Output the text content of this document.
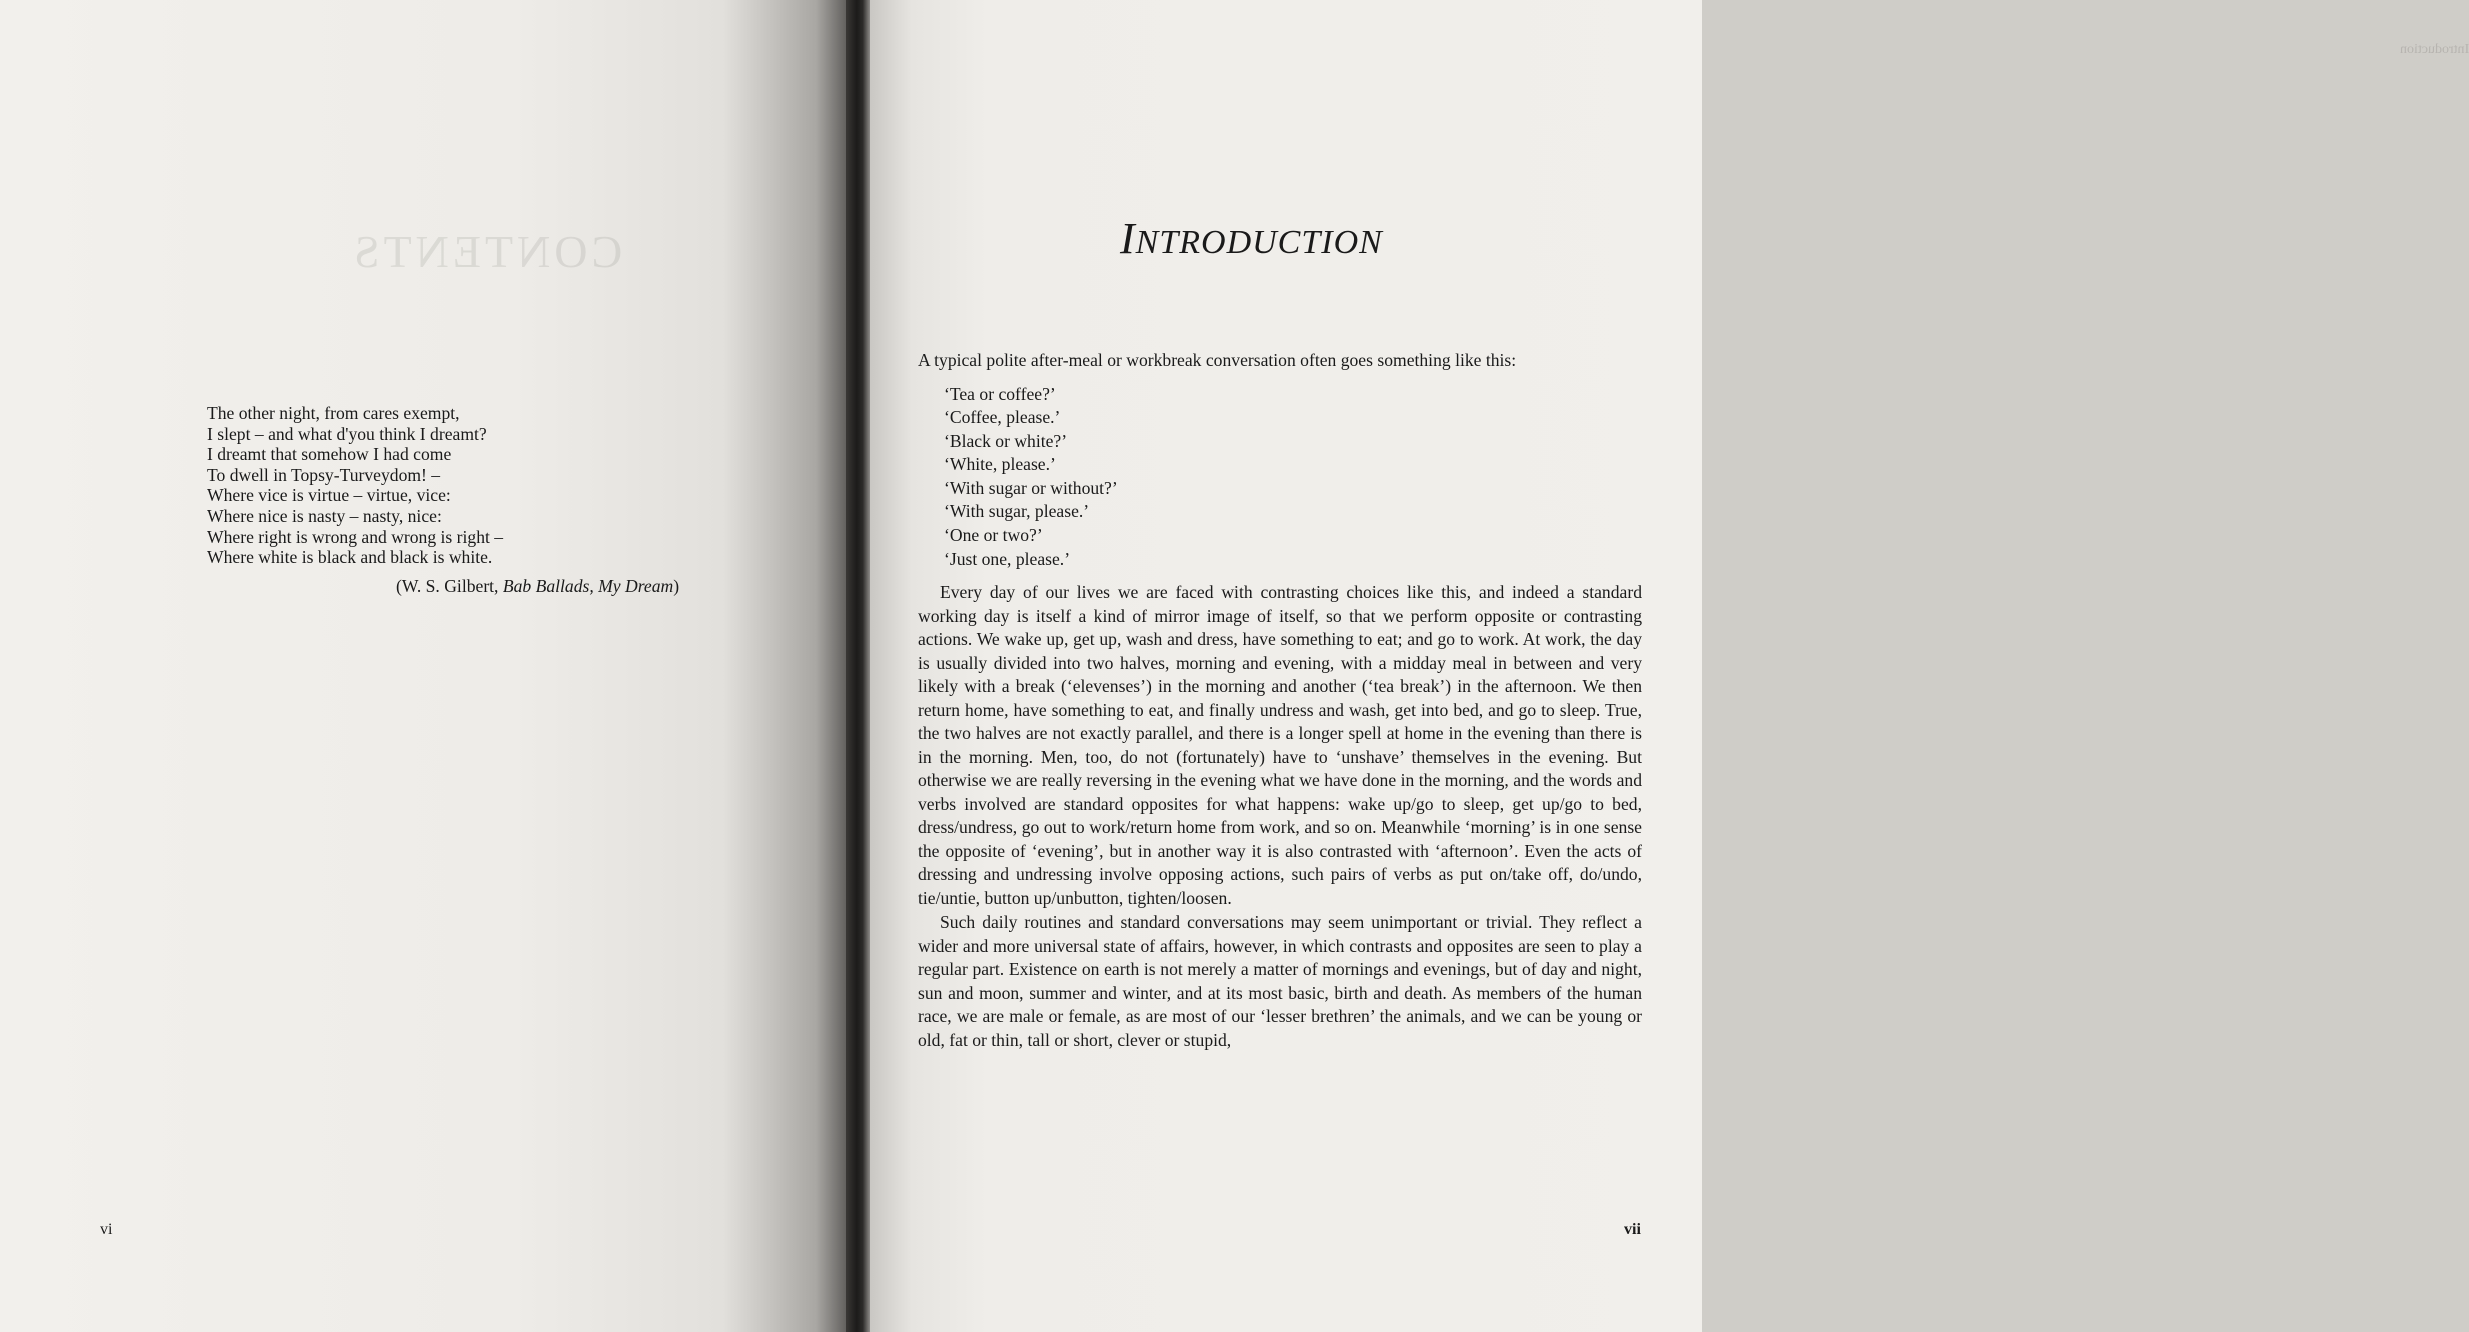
CONTENTS
The other night, from cares exempt,
I slept – and what d'you think I dreamt?
I dreamt that somehow I had come
To dwell in Topsy-Turveydom! –
Where vice is virtue – virtue, vice:
Where nice is nasty – nasty, nice:
Where right is wrong and wrong is right –
Where white is black and black is white.
(W. S. Gilbert, Bab Ballads, My Dream)
vi
Introduction
INTRODUCTION

A typical polite after-meal or workbreak conversation often goes something like this:

‘Tea or coffee?’
‘Coffee, please.’
‘Black or white?’
‘White, please.’
‘With sugar or without?’
‘With sugar, please.’
‘One or two?’
‘Just one, please.’

Every day of our lives we are faced with contrasting choices like this, and indeed a standard working day is itself a kind of mirror image of itself, so that we perform opposite or contrasting actions. We wake up, get up, wash and dress, have something to eat; and go to work. At work, the day is usually divided into two halves, morning and evening, with a midday meal in between and very likely with a break (‘elevenses’) in the morning and another (‘tea break’) in the afternoon. We then return home, have something to eat, and finally undress and wash, get into bed, and go to sleep. True, the two halves are not exactly parallel, and there is a longer spell at home in the evening than there is in the morning. Men, too, do not (fortunately) have to ‘unshave’ themselves in the evening. But otherwise we are really reversing in the evening what we have done in the morning, and the words and verbs involved are standard opposites for what happens: wake up/go to sleep, get up/go to bed, dress/undress, go out to work/return home from work, and so on. Meanwhile ‘morning’ is in one sense the opposite of ‘evening’, but in another way it is also contrasted with ‘afternoon’. Even the acts of dressing and undressing involve opposing actions, such pairs of verbs as put on/take off, do/undo, tie/untie, button up/unbutton, tighten/loosen.

Such daily routines and standard conversations may seem unimportant or trivial. They reflect a wider and more universal state of affairs, however, in which contrasts and opposites are seen to play a regular part. Existence on earth is not merely a matter of mornings and evenings, but of day and night, sun and moon, summer and winter, and at its most basic, birth and death. As members of the human race, we are male or female, as are most of our ‘lesser brethren’ the animals, and we can be young or old, fat or thin, tall or short, clever or stupid,

vii
